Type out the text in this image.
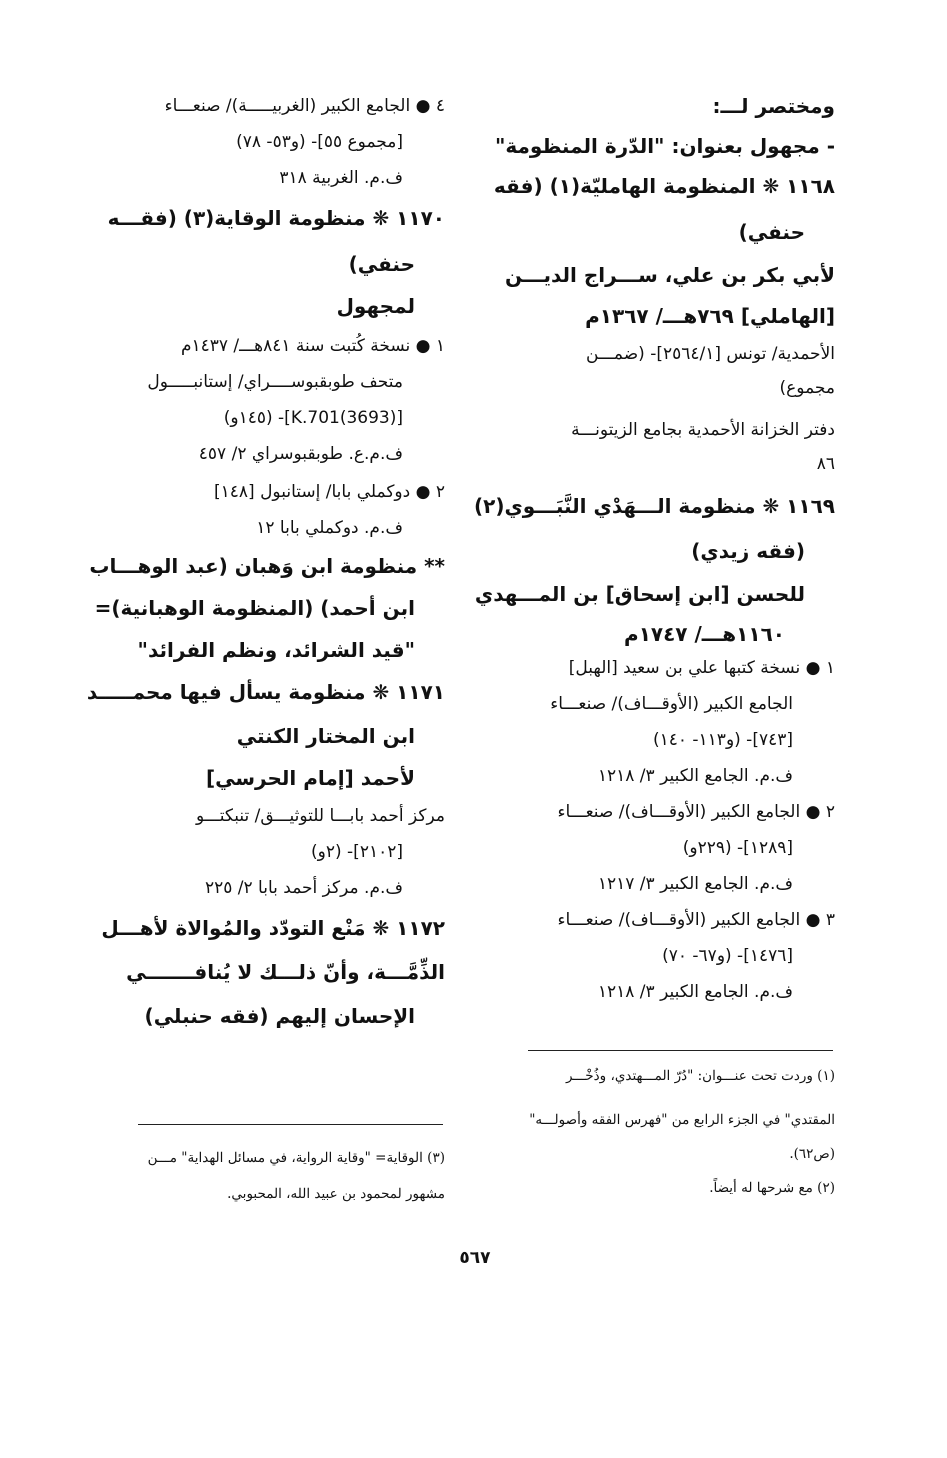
ومختصر لـــ:
- مجهول بعنوان: "الدّرة المنظومة"
١١٦٨ ❋ المنظومة الهامليّة(١) (فقه
حنفي)
لأبي بكر بن علي، ســـراج الديـــن
[الهاملي] ٧٦٩هـــ/ ١٣٦٧م
الأحمدية/ تونس [٢٥٦٤/١]- (ضمـــن
مجموع)
دفتر الخزانة الأحمدية بجامع الزيتونـــة
٨٦
١١٦٩ ❋ منظومة الـــهَدْي النَّبَـــوي(٢)
(فقه زيدي)
للحسن [ابن إسحاق] بن المـــهدي
١١٦٠هـــ/ ١٧٤٧م
١ ● نسخة كتبها علي بن سعيد [الهبل]
الجامع الكبير (الأوقـــاف)/ صنعـــاء
[٧٤٣]- (و١١٣- ١٤٠)
ف.م. الجامع الكبير ٣/ ١٢١٨
٢ ● الجامع الكبير (الأوقـــاف)/ صنعـــاء
[١٢٨٩]- (٢٢٩و)
ف.م. الجامع الكبير ٣/ ١٢١٧
٣ ● الجامع الكبير (الأوقـــاف)/ صنعـــاء
[١٤٧٦]- (و٦٧- ٧٠)
ف.م. الجامع الكبير ٣/ ١٢١٨
٤ ● الجامع الكبير (الغربيـــــة)/ صنعـــاء
[مجموع ٥٥]- (و٥٣- ٧٨)
ف.م. الغربية ٣١٨
١١٧٠ ❋ منظومة الوقاية(٣) (فقـــه
حنفي)
لمجهول
١ ● نسخة كُتبت سنة ٨٤١هـــ/ ١٤٣٧م
متحف طوبقبوســــراي/ إستانبـــــول
[(3693)K.701]- (١٤٥و)
ف.م.ع. طوبقبوسراي ٢/ ٤٥٧
٢ ● دوكملي بابا/ إستانبول [١٤٨]
ف.م. دوكملي بابا ١٢
** منظومة ابن وَهبان (عبد الوهـــاب
ابن أحمد) (المنظومة الوهبانية)=
"قيد الشرائد، ونظم الفرائد"
١١٧١ ❋ منظومة يسأل فيها محمـــــد
ابن المختار الكنتي
لأحمد [إمام الحرسي]
مركز أحمد بابـــا للتوثيـــق/ تنبكتـــو
[٢١٠٢]- (٢و)
ف.م. مركز أحمد بابا ٢/ ٢٢٥
١١٧٢ ❋ مَنْع التودّد والمُوالاة لأهـــل
الذِّمَّـــة، وأنّ ذلـــك لا يُنافـــــــي
الإحسان إليهم (فقه حنبلي)
(١) وردت تحت عنـــوان: "دُرّ المـــهتدي، وذُخْـــر
المقتدي" في الجزء الرابع من "فهرس الفقه وأصولـــه"
(ص٦٢).
(٢) مع شرحها له أيضاً.
(٣) الوقاية= "وقاية الرواية، في مسائل الهداية" مـــن
مشهور لمحمود بن عبيد الله، المحبوبي.
٥٦٧
